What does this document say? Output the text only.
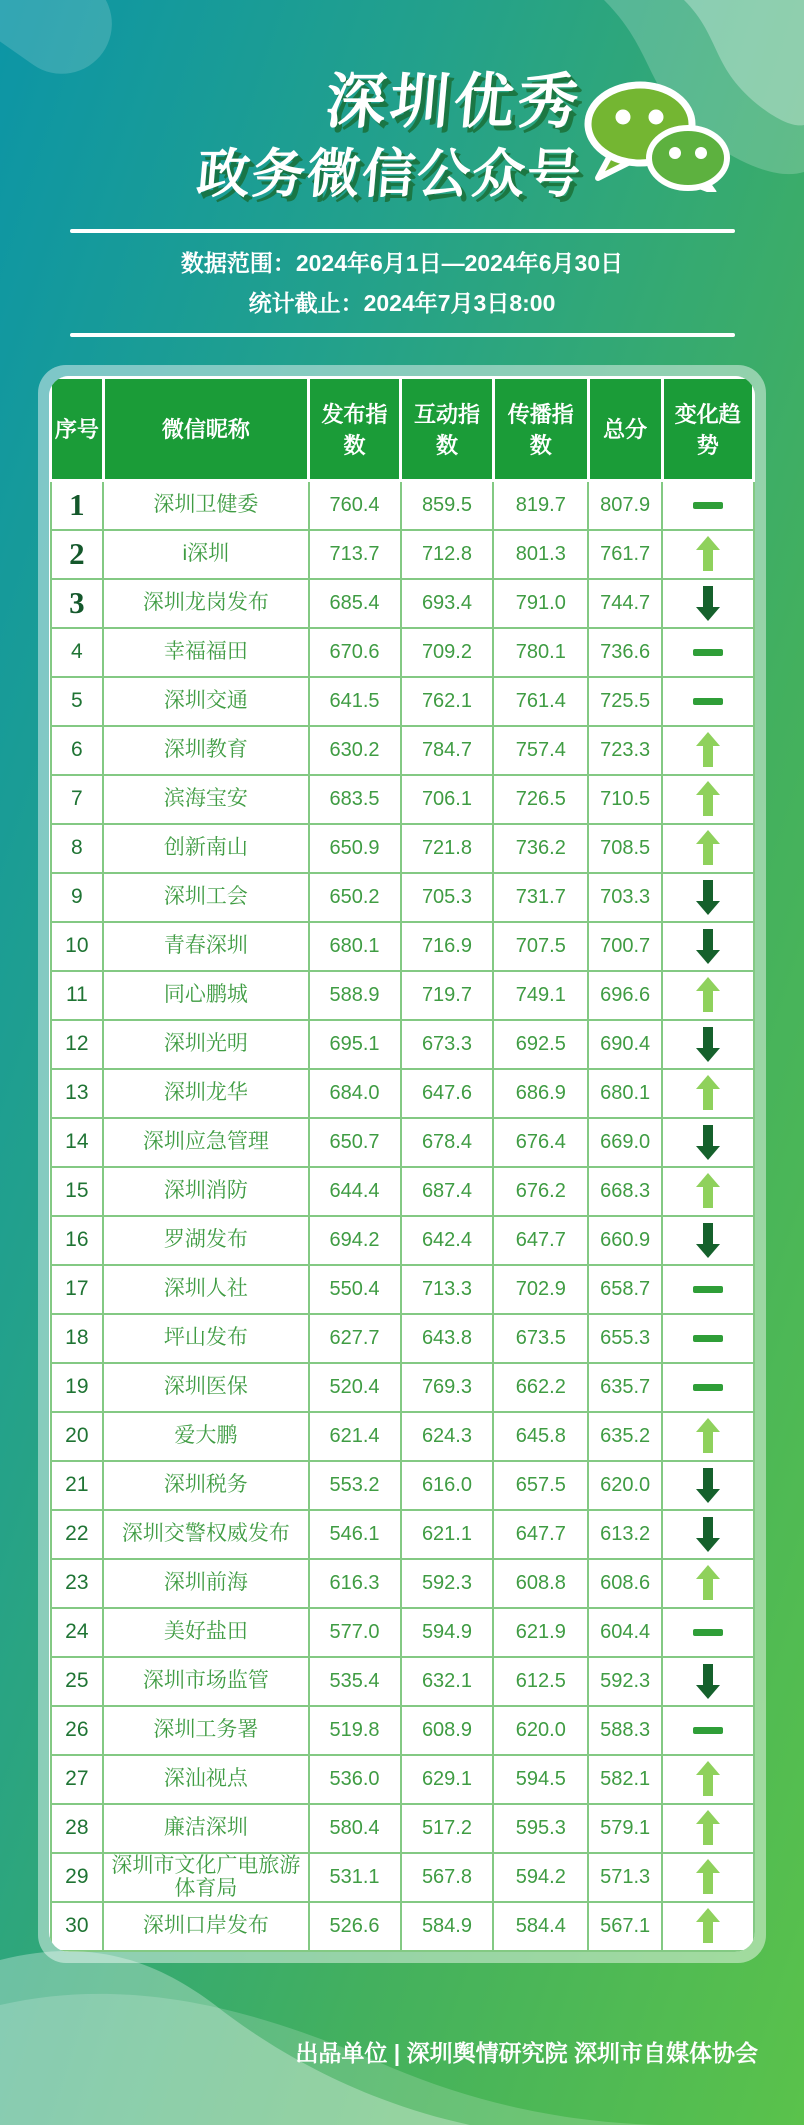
深圳优秀
政务微信公众号
数据范围：2024年6月1日—2024年6月30日
统计截止：2024年7月3日8:00
序号	微信昵称	发布指数	互动指数	传播指数	总分	变化趋势
1	深圳卫健委	760.4	859.5	819.7	807.9	
2	i深圳	713.7	712.8	801.3	761.7	
3	深圳龙岗发布	685.4	693.4	791.0	744.7	
4	幸福福田	670.6	709.2	780.1	736.6	
5	深圳交通	641.5	762.1	761.4	725.5	
6	深圳教育	630.2	784.7	757.4	723.3	
7	滨海宝安	683.5	706.1	726.5	710.5	
8	创新南山	650.9	721.8	736.2	708.5	
9	深圳工会	650.2	705.3	731.7	703.3	
10	青春深圳	680.1	716.9	707.5	700.7	
11	同心鹏城	588.9	719.7	749.1	696.6	
12	深圳光明	695.1	673.3	692.5	690.4	
13	深圳龙华	684.0	647.6	686.9	680.1	
14	深圳应急管理	650.7	678.4	676.4	669.0	
15	深圳消防	644.4	687.4	676.2	668.3	
16	罗湖发布	694.2	642.4	647.7	660.9	
17	深圳人社	550.4	713.3	702.9	658.7	
18	坪山发布	627.7	643.8	673.5	655.3	
19	深圳医保	520.4	769.3	662.2	635.7	
20	爱大鹏	621.4	624.3	645.8	635.2	
21	深圳税务	553.2	616.0	657.5	620.0	
22	深圳交警权威发布	546.1	621.1	647.7	613.2	
23	深圳前海	616.3	592.3	608.8	608.6	
24	美好盐田	577.0	594.9	621.9	604.4	
25	深圳市场监管	535.4	632.1	612.5	592.3	
26	深圳工务署	519.8	608.9	620.0	588.3	
27	深汕视点	536.0	629.1	594.5	582.1	
28	廉洁深圳	580.4	517.2	595.3	579.1	
29	深圳市文化广电旅游体育局	531.1	567.8	594.2	571.3	
30	深圳口岸发布	526.6	584.9	584.4	567.1	
出品单位 | 深圳舆情研究院 深圳市自媒体协会
